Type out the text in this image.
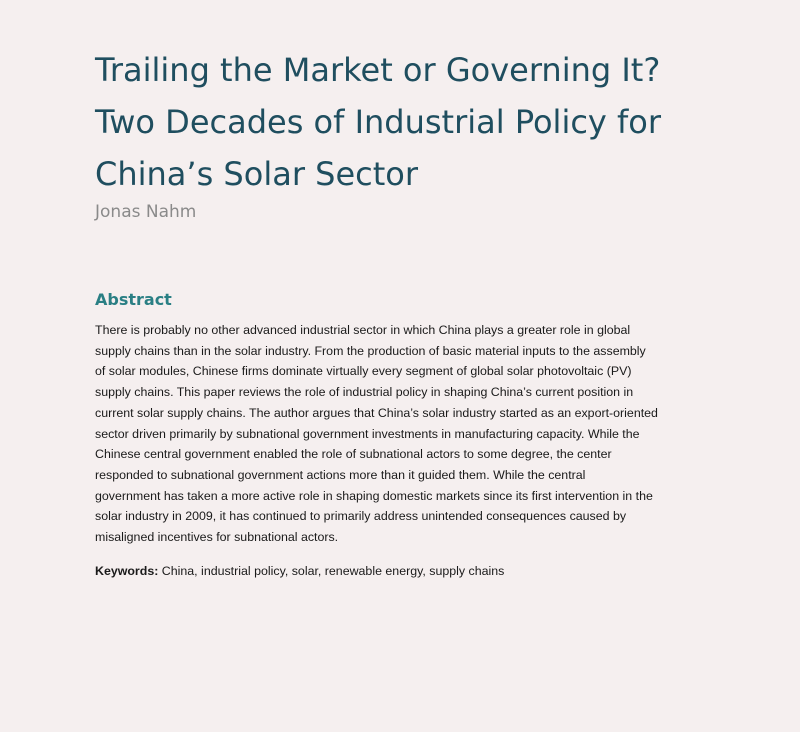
Trailing the Market or Governing It?
Two Decades of Industrial Policy for
China’s Solar Sector

Jonas Nahm

Abstract

There is probably no other advanced industrial sector in which China plays a greater role in global
supply chains than in the solar industry. From the production of basic material inputs to the assembly
of solar modules, Chinese firms dominate virtually every segment of global solar photovoltaic (PV)
supply chains. This paper reviews the role of industrial policy in shaping China’s current position in
current solar supply chains. The author argues that China’s solar industry started as an export-oriented
sector driven primarily by subnational government investments in manufacturing capacity. While the
Chinese central government enabled the role of subnational actors to some degree, the center
responded to subnational government actions more than it guided them. While the central
government has taken a more active role in shaping domestic markets since its first intervention in the
solar industry in 2009, it has continued to primarily address unintended consequences caused by
misaligned incentives for subnational actors.

Keywords: China, industrial policy, solar, renewable energy, supply chains
